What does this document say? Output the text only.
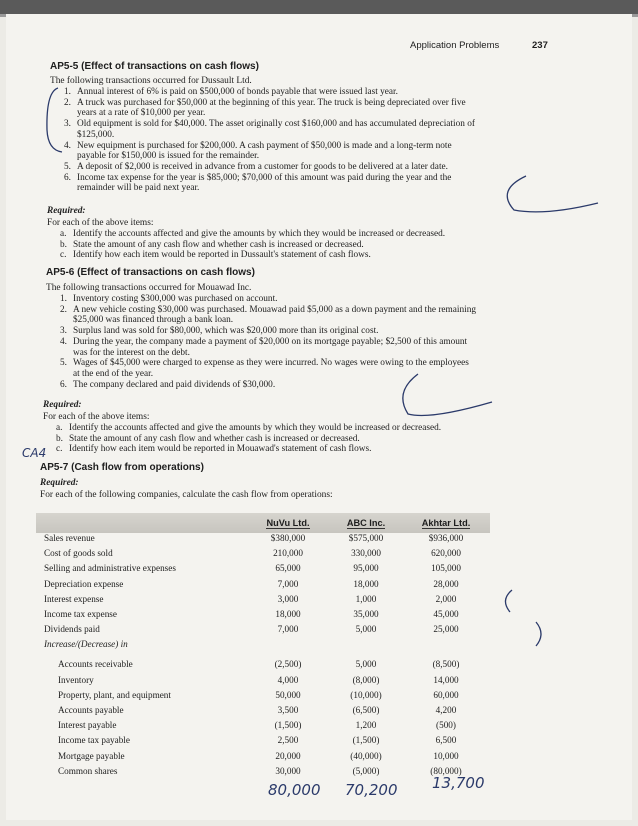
Application Problems	237
AP5-5 (Effect of transactions on cash flows)
The following transactions occurred for Dussault Ltd.
1. Annual interest of 6% is paid on $500,000 of bonds payable that were issued last year.
2. A truck was purchased for $50,000 at the beginning of this year. The truck is being depreciated over five
years at a rate of $10,000 per year.
3. Old equipment is sold for $40,000. The asset originally cost $160,000 and has accumulated depreciation of
$125,000.
4. New equipment is purchased for $200,000. A cash payment of $50,000 is made and a long-term note
payable for $150,000 is issued for the remainder.
5. A deposit of $2,000 is received in advance from a customer for goods to be delivered at a later date.
6. Income tax expense for the year is $85,000; $70,000 of this amount was paid during the year and the
remainder will be paid next year.
Required:
For each of the above items:
a. Identify the accounts affected and give the amounts by which they would be increased or decreased.
b. State the amount of any cash flow and whether cash is increased or decreased.
c. Identify how each item would be reported in Dussault's statement of cash flows.
AP5-6 (Effect of transactions on cash flows)
The following transactions occurred for Mouawad Inc.
1. Inventory costing $300,000 was purchased on account.
2. A new vehicle costing $30,000 was purchased. Mouawad paid $5,000 as a down payment and the remaining
$25,000 was financed through a bank loan.
3. Surplus land was sold for $80,000, which was $20,000 more than its original cost.
4. During the year, the company made a payment of $20,000 on its mortgage payable; $2,500 of this amount
was for the interest on the debt.
5. Wages of $45,000 were charged to expense as they were incurred. No wages were owing to the employees
at the end of the year.
6. The company declared and paid dividends of $30,000.
Required:
For each of the above items:
a. Identify the accounts affected and give the amounts by which they would be increased or decreased.
b. State the amount of any cash flow and whether cash is increased or decreased.
c. Identify how each item would be reported in Mouawad's statement of cash flows.
AP5-7 (Cash flow from operations)
Required:
For each of the following companies, calculate the cash flow from operations:
NuVu Ltd.	ABC Inc.	Akhtar Ltd.
Sales revenue	$380,000	$575,000	$936,000
Cost of goods sold	210,000	330,000	620,000
Selling and administrative expenses	65,000	95,000	105,000
Depreciation expense	7,000	18,000	28,000
Interest expense	3,000	1,000	2,000
Income tax expense	18,000	35,000	45,000
Dividends paid	7,000	5,000	25,000
Increase/(Decrease) in
Accounts receivable	(2,500)	5,000	(8,500)
Inventory	4,000	(8,000)	14,000
Property, plant, and equipment	50,000	(10,000)	60,000
Accounts payable	3,500	(6,500)	4,200
Interest payable	(1,500)	1,200	(500)
Income tax payable	2,500	(1,500)	6,500
Mortgage payable	20,000	(40,000)	10,000
Common shares	30,000	(5,000)	(80,000)
CA4
80,000 70,200 13,700
